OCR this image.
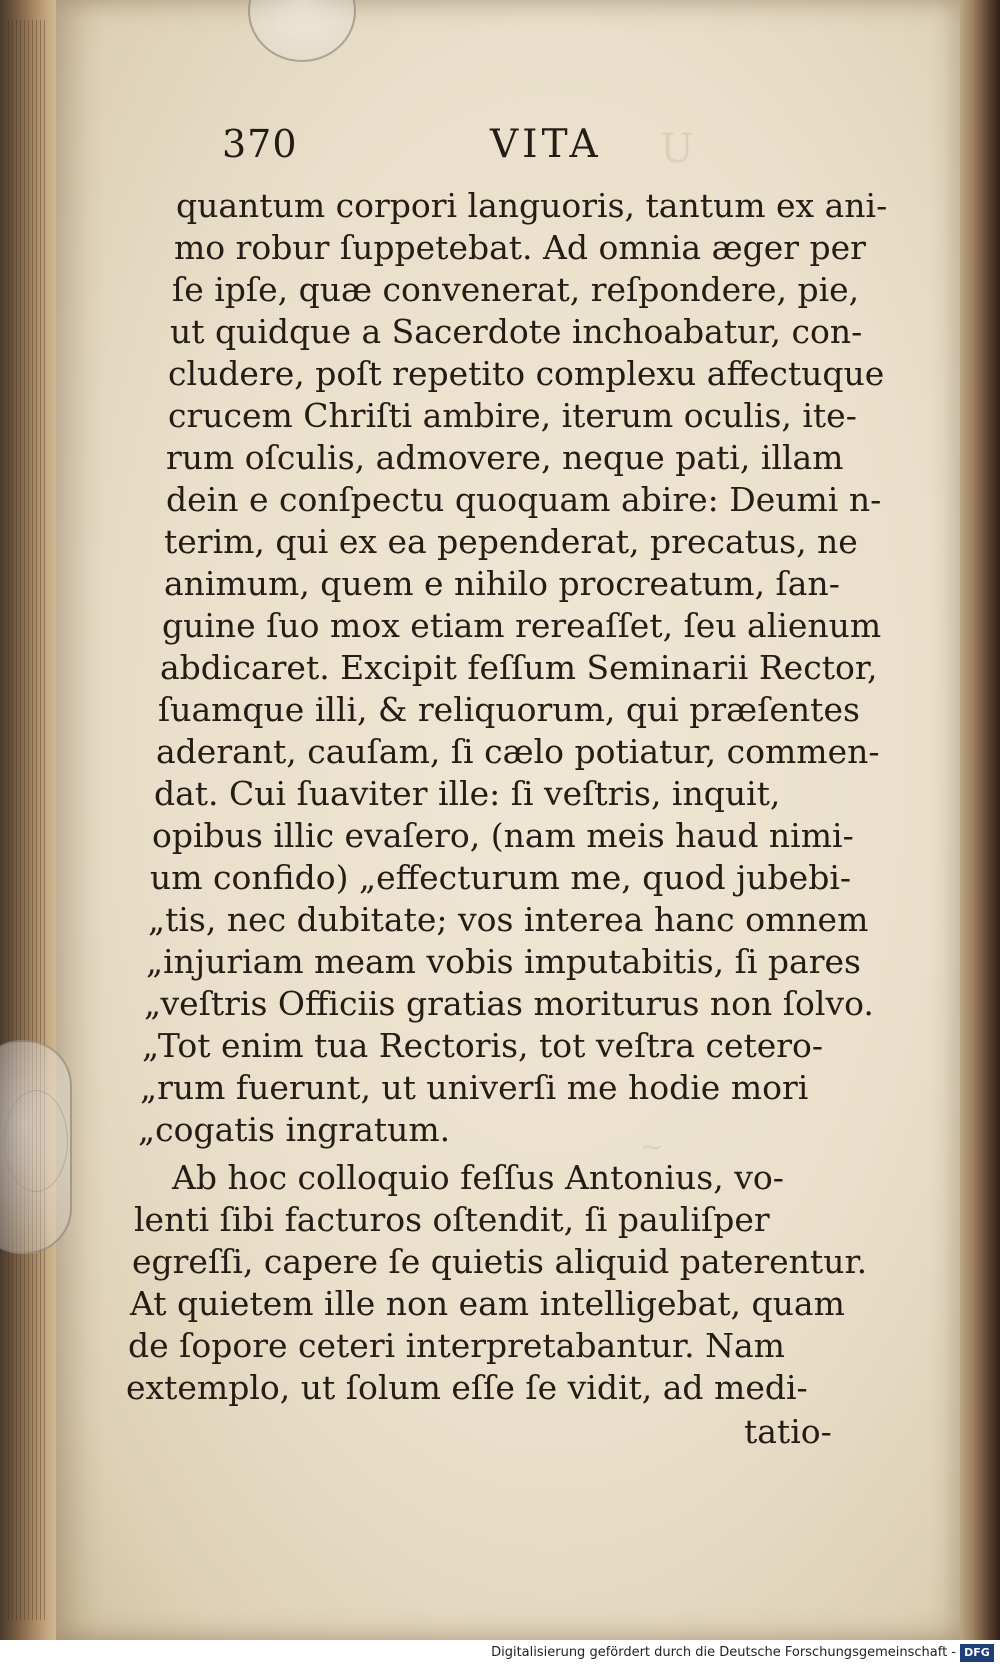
U
~
370	VITA
quantum corpori languoris, tantum ex ani-
mo robur ſuppetebat. Ad omnia æger per
ſe ipſe, quæ convenerat, reſpondere, pie,
ut quidque a Sacerdote inchoabatur, con-
cludere, poſt repetito complexu affectuque
crucem Chriſti ambire, iterum oculis, ite-
rum oſculis, admovere, neque pati, illam
dein e conſpectu quoquam abire: Deumi n-
terim, qui ex ea pependerat, precatus, ne
animum, quem e nihilo procreatum, ſan-
guine ſuo mox etiam rereaſſet, ſeu alienum
abdicaret. Excipit feſſum Seminarii Rector,
ſuamque illi, & reliquorum, qui præſentes
aderant, cauſam, ſi cælo potiatur, commen-
dat. Cui ſuaviter ille: ſi veſtris, inquit,
opibus illic evaſero, (nam meis haud nimi-
um confido) „effecturum me, quod jubebi-
„tis, nec dubitate; vos interea hanc omnem
„injuriam meam vobis imputabitis, ſi pares
„veſtris Officiis gratias moriturus non ſolvo.
„Tot enim tua Rectoris, tot veſtra cetero-
„rum fuerunt, ut univerſi me hodie mori
„cogatis ingratum.
Ab hoc colloquio feſſus Antonius, vo-
lenti ſibi facturos oſtendit, ſi pauliſper
egreſſi, capere ſe quietis aliquid paterentur.
At quietem ille non eam intelligebat, quam
de ſopore ceteri interpretabantur. Nam
extemplo, ut ſolum eſſe ſe vidit, ad medi-
tatio-
Digitalisierung gefördert durch die Deutsche Forschungsgemeinschaft - DFG
